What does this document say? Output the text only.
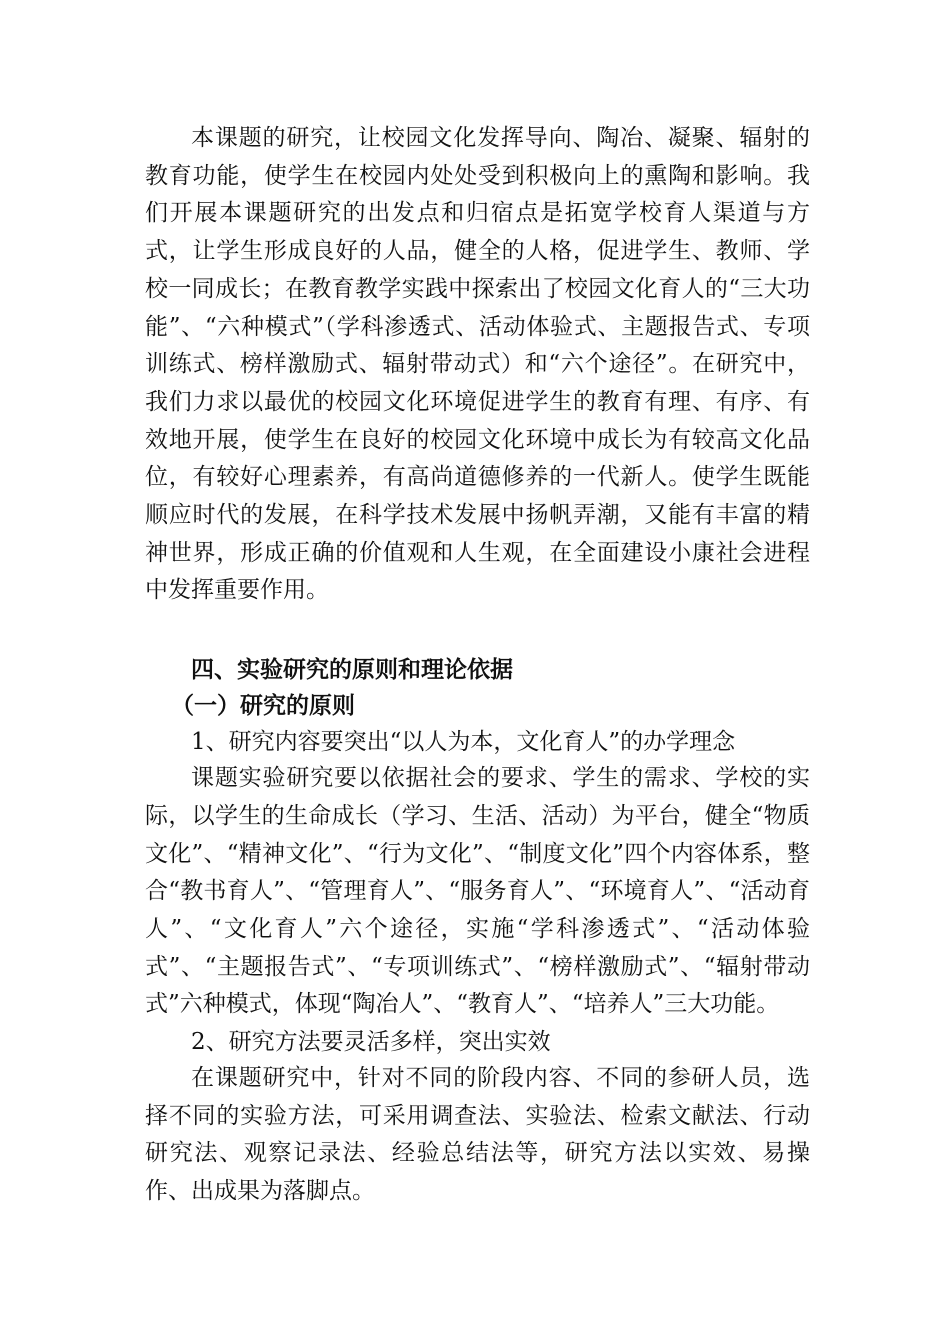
本课题的研究，让校园文化发挥导向、陶冶、凝聚、辐射的教育功能，使学生在校园内处处受到积极向上的熏陶和影响。我们开展本课题研究的出发点和归宿点是拓宽学校育人渠道与方式，让学生形成良好的人品，健全的人格，促进学生、教师、学校一同成长；在教育教学实践中探索出了校园文化育人的“三大功能”、“六种模式”（学科渗透式、活动体验式、主题报告式、专项训练式、榜样激励式、辐射带动式）和“六个途径”。在研究中，我们力求以最优的校园文化环境促进学生的教育有理、有序、有效地开展，使学生在良好的校园文化环境中成长为有较高文化品位，有较好心理素养，有高尚道德修养的一代新人。使学生既能顺应时代的发展，在科学技术发展中扬帆弄潮，又能有丰富的精神世界，形成正确的价值观和人生观，在全面建设小康社会进程中发挥重要作用。

四、实验研究的原则和理论依据

（一）研究的原则

1、研究内容要突出“以人为本，文化育人”的办学理念

课题实验研究要以依据社会的要求、学生的需求、学校的实际，以学生的生命成长（学习、生活、活动）为平台，健全“物质文化”、“精神文化”、“行为文化”、“制度文化”四个内容体系，整合“教书育人”、“管理育人”、“服务育人”、“环境育人”、“活动育人”、“文化育人”六个途径，实施“学科渗透式”、“活动体验式”、“主题报告式”、“专项训练式”、“榜样激励式”、“辐射带动式”六种模式，体现“陶冶人”、“教育人”、“培养人”三大功能。

2、研究方法要灵活多样，突出实效

在课题研究中，针对不同的阶段内容、不同的参研人员，选择不同的实验方法，可采用调查法、实验法、检索文献法、行动研究法、观察记录法、经验总结法等，研究方法以实效、易操作、出成果为落脚点。
